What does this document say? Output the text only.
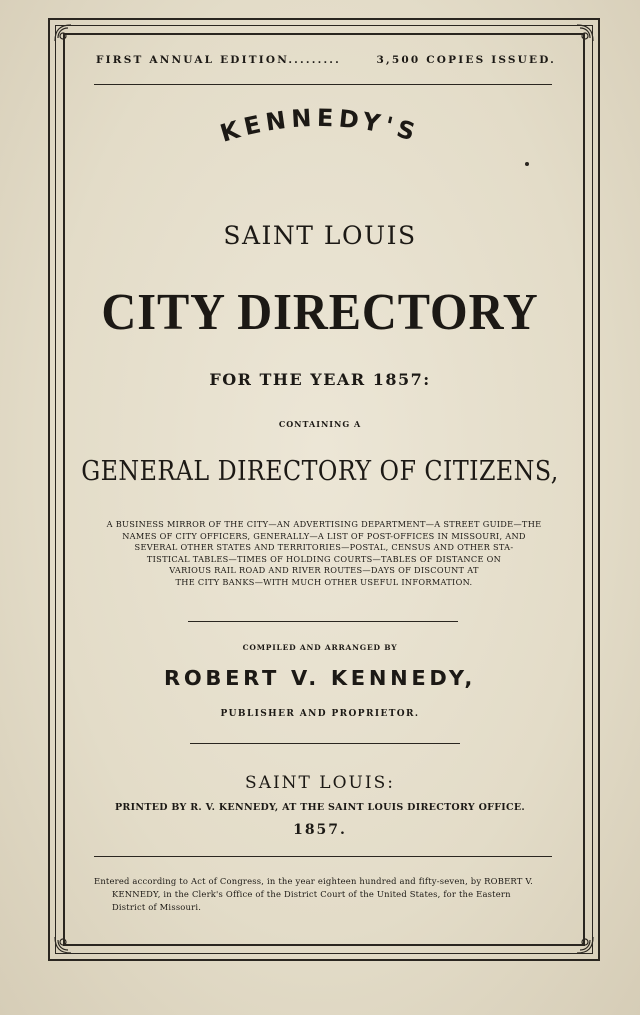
FIRST ANNUAL EDITION.........	3,500 COPIES ISSUED.
KENNEDY'S
SAINT LOUIS
CITY DIRECTORY
FOR THE YEAR 1857:
CONTAINING A
GENERAL DIRECTORY OF CITIZENS,
A BUSINESS MIRROR OF THE CITY—AN ADVERTISING DEPARTMENT—A STREET GUIDE—THE
NAMES OF CITY OFFICERS, GENERALLY—A LIST OF POST-OFFICES IN MISSOURI, AND
SEVERAL OTHER STATES AND TERRITORIES—POSTAL, CENSUS AND OTHER STA-
TISTICAL TABLES—TIMES OF HOLDING COURTS—TABLES OF DISTANCE ON
VARIOUS RAIL ROAD AND RIVER ROUTES—DAYS OF DISCOUNT AT
THE CITY BANKS—WITH MUCH OTHER USEFUL INFORMATION.
COMPILED AND ARRANGED BY
ROBERT V. KENNEDY,
PUBLISHER AND PROPRIETOR.
SAINT LOUIS:
PRINTED BY R. V. KENNEDY, AT THE SAINT LOUIS DIRECTORY OFFICE.
1857.
Entered according to Act of Congress, in the year eighteen hundred and fifty-seven, by ROBERT V.
KENNEDY, in the Clerk's Office of the District Court of the United States, for the Eastern
District of Missouri.
